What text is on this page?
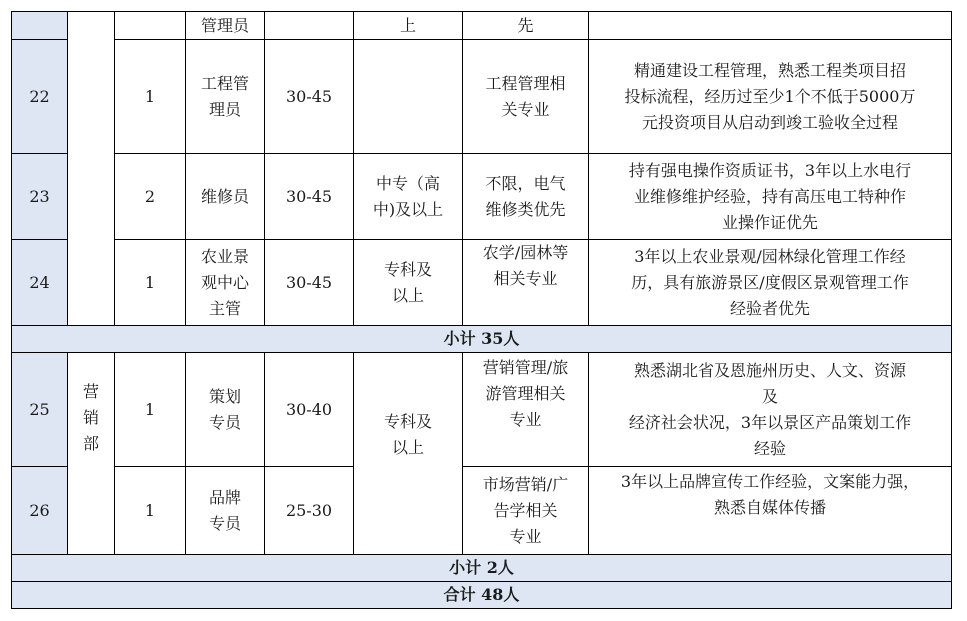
			管理员		上	先	
22		1	工程管
理员	30-45		工程管理相
关专业	精通建设工程管理，熟悉工程类项目招
投标流程，经历过至少1个不低于5000万
元投资项目从启动到竣工验收全过程

23		2	维修员	30-45	中专（高
中)及以上	不限，电气
维修类优先	持有强电操作资质证书，3年以上水电行
业维修维护经验，持有高压电工特种作
业操作证优先

24		1	农业景
观中心
主管	30-45	专科及
以上	农学/园林等
相关专业	3年以上农业景观/园林绿化管理工作经
历，具有旅游景区/度假区景观管理工作
经验者优先

小计 35人							
25	营
销
部	1	策划
专员	30-40	专科及
以上	营销管理/旅
游管理相关
专业	熟悉湖北省及恩施州历史、人文、资源
及
经济社会状况，3年以景区产品策划工作
经验

26		1	品牌
专员	25-30		市场营销/广
告学相关
专业	3年以上品牌宣传工作经验，文案能力强，
熟悉自媒体传播

小计 2人							
合计 48人							
